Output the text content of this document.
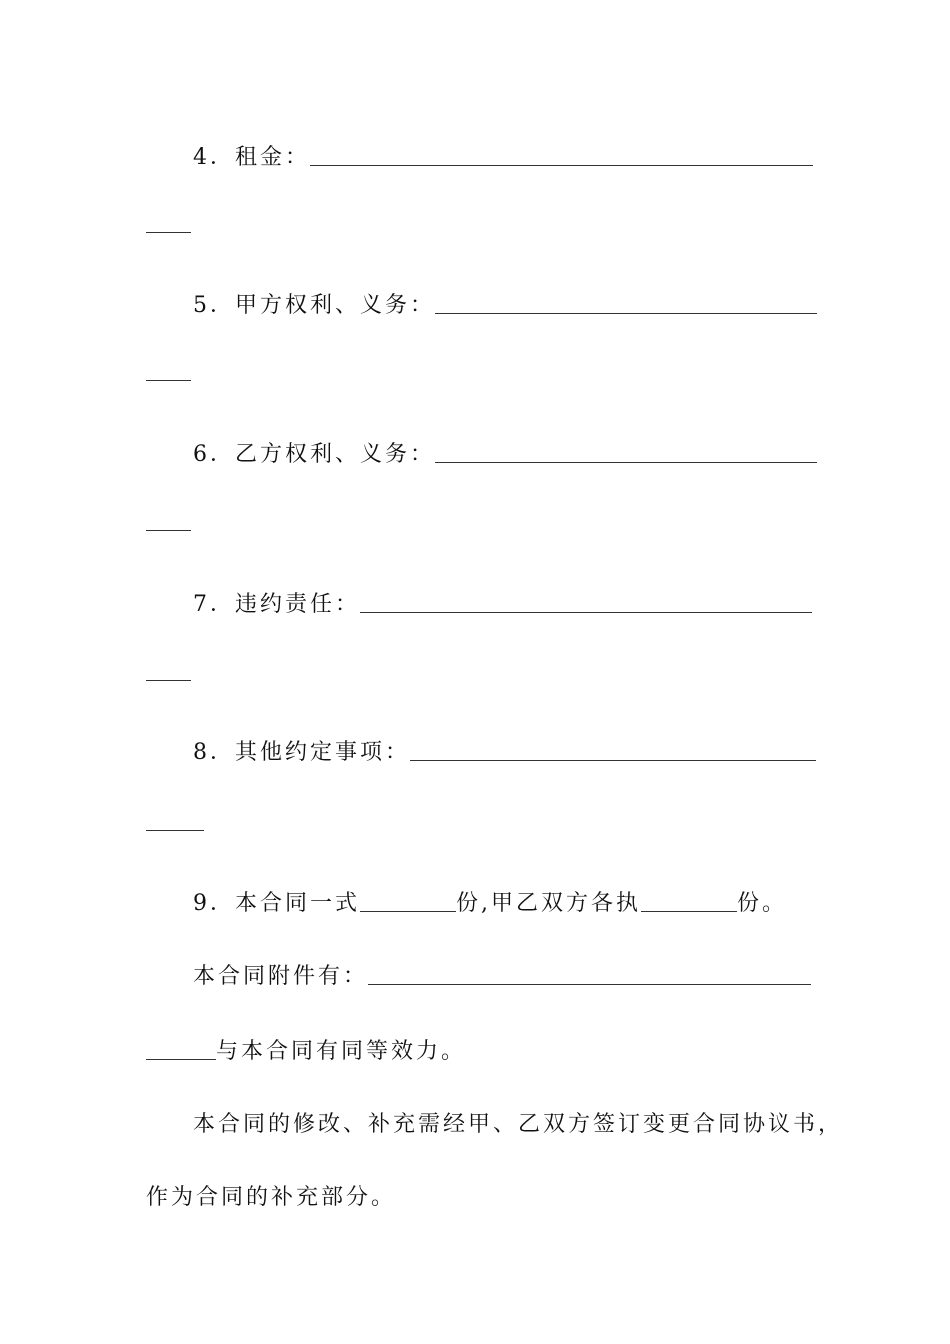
4． 租金：
5． 甲方权利、义务：
6． 乙方权利、义务：
7． 违约责任：
8． 其他约定事项：
9． 本合同一式	份,甲乙双方各执	份。
本合同附件有：
与本合同有同等效力。
本合同的修改、补充需经甲、乙双方签订变更合同协议书，
作为合同的补充部分。
